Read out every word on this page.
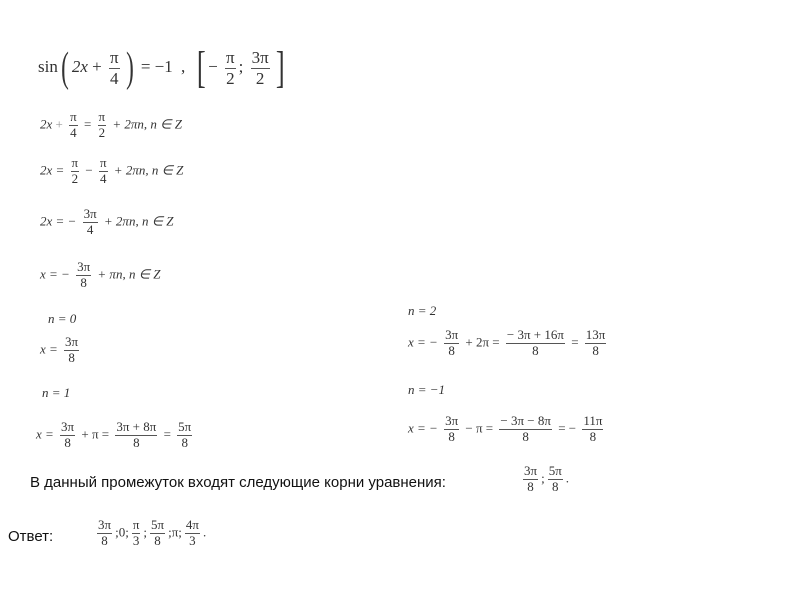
sin( $2x + \frac{\pi}{4}$ ) = −1 , [ − $\frac{\pi}{2}$ ; $\frac{3\pi}{2}$ ]
$2x + \frac{\pi}{4} = \frac{\pi}{2} + 2\pi n$, n ∈ Z
$2x = \frac{\pi}{2} - \frac{\pi}{4} + 2\pi n$, n ∈ Z
2x = − $\frac{3\pi}{4} + 2\pi n$, n ∈ Z
x = − $\frac{3\pi}{8} + \pi n$, n ∈ Z
n = 0
$x = \frac{3\pi}{8}$
n = 1
$x = \frac{3\pi}{8} + \pi = \frac{3\pi + 8\pi}{8} = \frac{5\pi}{8}$
n = 2
x = − $\frac{3\pi}{8} + 2\pi = \frac{- 3\pi + 16\pi}{8} = \frac{13\pi}{8}$
n = −1
x = − $\frac{3\pi}{8} - \pi = \frac{- 3\pi - 8\pi}{8}$ = − $\frac{11\pi}{8}$
В данный промежуток входят следующие корни уравнения:	$\frac{3\pi}{8}$ ; $\frac{5\pi}{8}$ .
Ответ:	$\frac{3\pi}{8}$ ;0; $\frac{\pi}{3}$ ; $\frac{5\pi}{8}$ ;π; $\frac{4\pi}{3}$ .
